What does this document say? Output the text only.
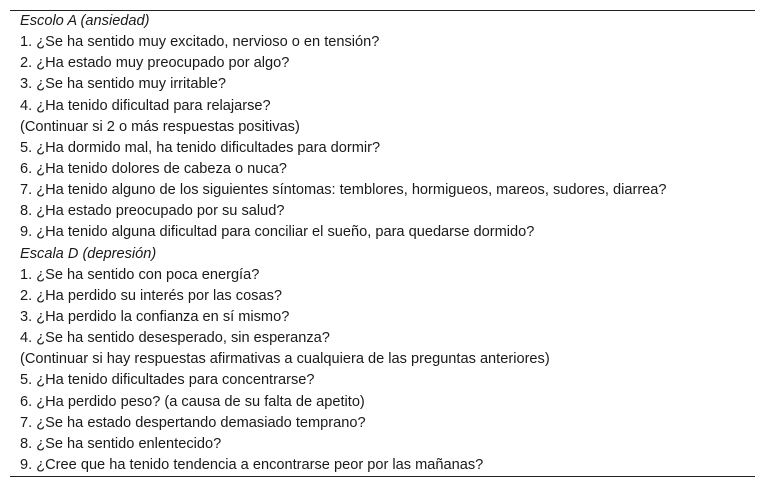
Escolo A (ansiedad)
1. ¿Se ha sentido muy excitado, nervioso o en tensión?
2. ¿Ha estado muy preocupado por algo?
3. ¿Se ha sentido muy irritable?
4. ¿Ha tenido dificultad para relajarse?
(Continuar si 2 o más respuestas positivas)
5. ¿Ha dormido mal, ha tenido dificultades para dormir?
6. ¿Ha tenido dolores de cabeza o nuca?
7. ¿Ha tenido alguno de los siguientes síntomas: temblores, hormigueos, mareos, sudores, diarrea?
8. ¿Ha estado preocupado por su salud?
9. ¿Ha tenido alguna dificultad para conciliar el sueño, para quedarse dormido?
Escala D (depresión)
1. ¿Se ha sentido con poca energía?
2. ¿Ha perdido su interés por las cosas?
3. ¿Ha perdido la confianza en sí mismo?
4. ¿Se ha sentido desesperado, sin esperanza?
(Continuar si hay respuestas afirmativas a cualquiera de las preguntas anteriores)
5. ¿Ha tenido dificultades para concentrarse?
6. ¿Ha perdido peso? (a causa de su falta de apetito)
7. ¿Se ha estado despertando demasiado temprano?
8. ¿Se ha sentido enlentecido?
9. ¿Cree que ha tenido tendencia a encontrarse peor por las mañanas?
